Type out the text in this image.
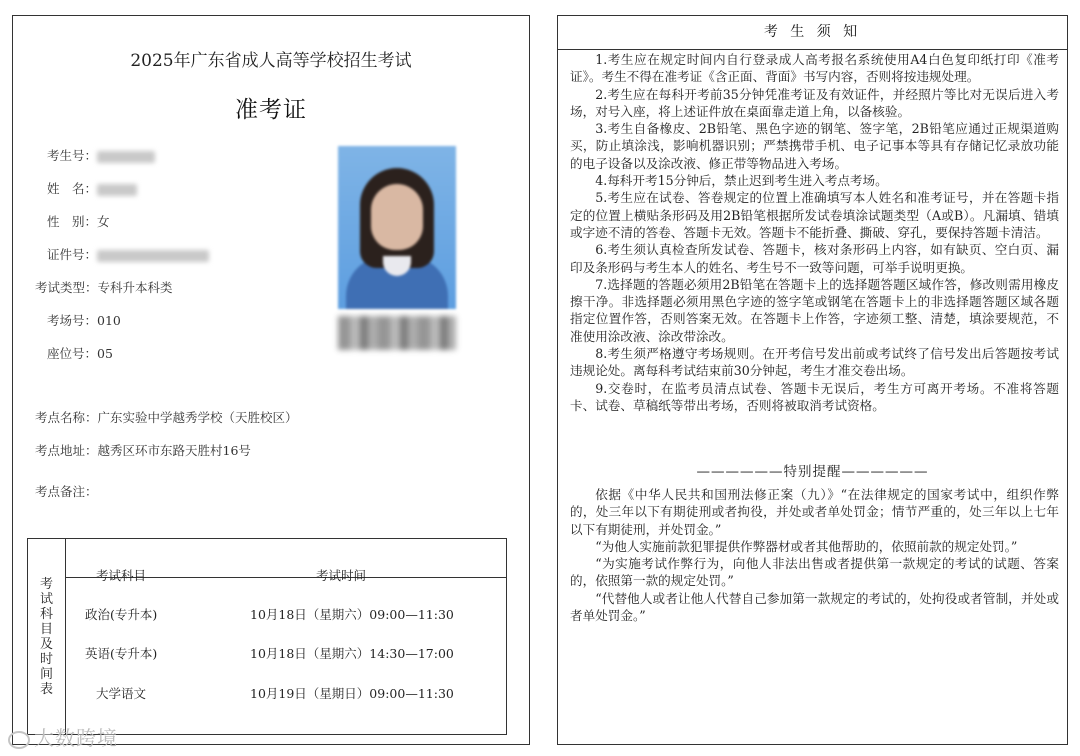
2025年广东省成人高等学校招生考试
准考证
考生号：
姓　名：
性　别：女
证件号：
考试类型：专科升本科类
考场号：010
座位号：05
考点名称：广东实验中学越秀学校（天胜校区）
考点地址：越秀区环市东路天胜村16号
考点备注：
考试科目及时间表
考试科目	考试时间
政治(专升本)	10月18日（星期六）09:00—11:30
英语(专升本)	10月18日（星期六）14:30—17:00
大学语文	10月19日（星期日）09:00—11:30
大数跨境
考 生 须 知

1.考生应在规定时间内自行登录成人高考报名系统使用A4白色复印纸打印《准考证》。考生不得在准考证《含正面、背面》书写内容，否则将按违规处理。

2.考生应在每科开考前35分钟凭准考证及有效证件，并经照片等比对无误后进入考场，对号入座，将上述证件放在桌面靠走道上角，以备核验。

3.考生自备橡皮、2B铅笔、黑色字迹的钢笔、签字笔，2B铅笔应通过正规渠道购买，防止填涂浅，影响机器识别；严禁携带手机、电子记事本等具有存储记忆录放功能的电子设备以及涂改液、修正带等物品进入考场。

4.每科开考15分钟后，禁止迟到考生进入考点考场。

5.考生应在试卷、答卷规定的位置上准确填写本人姓名和准考证号，并在答题卡指定的位置上横贴条形码及用2B铅笔根据所发试卷填涂试题类型（A或B）。凡漏填、错填或字迹不清的答卷、答题卡无效。答题卡不能折叠、撕破、穿孔，要保持答题卡清洁。

6.考生须认真检查所发试卷、答题卡，核对条形码上内容，如有缺页、空白页、漏印及条形码与考生本人的姓名、考生号不一致等问题，可举手说明更换。

7.选择题的答题必须用2B铅笔在答题卡上的选择题答题区域作答，修改则需用橡皮擦干净。非选择题必须用黑色字迹的签字笔或钢笔在答题卡上的非选择题答题区域各题指定位置作答，否则答案无效。在答题卡上作答，字迹须工整、清楚，填涂要规范，不准使用涂改液、涂改带涂改。

8.考生须严格遵守考场规则。在开考信号发出前或考试终了信号发出后答题按考试违规论处。离每科考试结束前30分钟起，考生才准交卷出场。

9.交卷时，在监考员清点试卷、答题卡无误后，考生方可离开考场。不准将答题卡、试卷、草稿纸等带出考场，否则将被取消考试资格。

——————特别提醒——————

依据《中华人民共和国刑法修正案（九）》“在法律规定的国家考试中，组织作弊的，处三年以下有期徒刑或者拘役，并处或者单处罚金；情节严重的，处三年以上七年以下有期徒刑，并处罚金。”

“为他人实施前款犯罪提供作弊器材或者其他帮助的，依照前款的规定处罚。”

“为实施考试作弊行为，向他人非法出售或者提供第一款规定的考试的试题、答案的，依照第一款的规定处罚。”

“代替他人或者让他人代替自己参加第一款规定的考试的，处拘役或者管制，并处或者单处罚金。”
